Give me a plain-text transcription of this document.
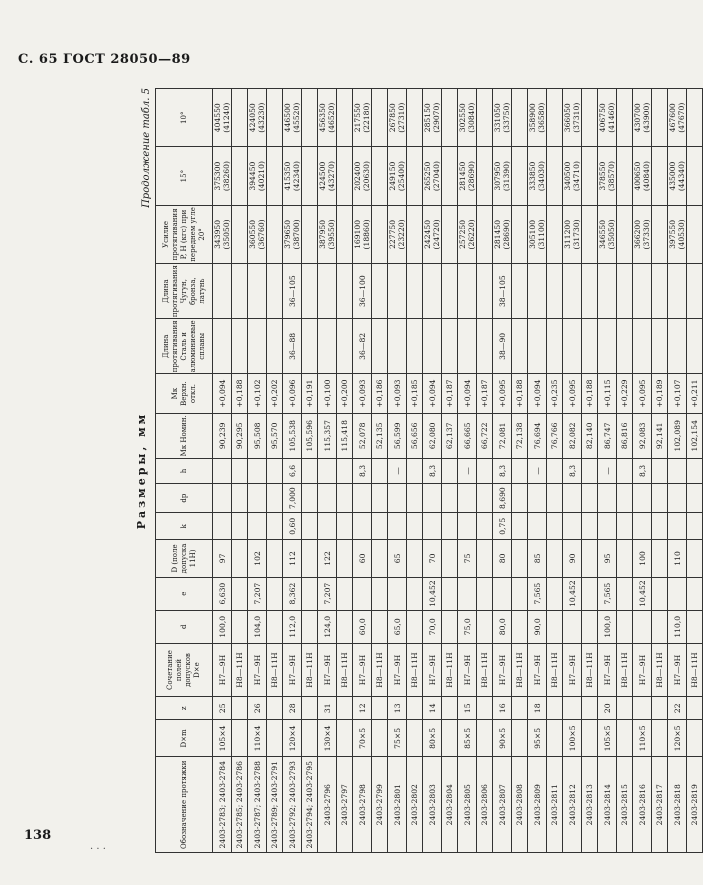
С. 65 ГОСТ 28050—89
138
· · ·
Продолжение табл. 5
Размеры, мм
Обозначение протяжки	D×m	z	Сочетание полей допусков D×e	d	e	D (поле допуска 11H)	k	dp	h	Mк Номин.	Mк Верхн. откл.	Длина протягивания Сталь и алюминиевые сплавы	Длина протягивания Чугун, бронза, латунь	Усилие протягивания P, Н (кгс) при переднем угле 20°	15°	10°
2403-2783; 2403-2784	105×4	25	H7—9H	100,0	6,630	97				90,239	+0,094			343950 (35050)	375300 (38260)	404550 (41240)
2403-2785; 2403-2786			H8—11H							90,295	+0,188					
2403-2787; 2403-2788	110×4	26	H7—9H	104,0	7,207	102				95,508	+0,102			360550 (36760)	394450 (40210)	424050 (43230)
2403-2789; 2403-2791			H8—11H							95,570	+0,202					
2403-2792; 2403-2793	120×4	28	H7—9H	112,0	8,362	112	0,60	7,000	6,6	105,538	+0,096	36—88	36—105	379650 (38700)	415350 (42340)	446500 (45520)
2403-2794; 2403-2795			H8—11H							105,596	+0,191					
2403-2796	130×4	31	H7—9H	124,0	7,207	122				115,357	+0,100			387950 (39550)	424500 (43270)	456350 (46520)
2403-2797			H8—11H							115,418	+0,200					
2403-2798	70×5	12	H7—9H	60,0		60			8,3	52,078	+0,093	36—82	36—100	169100 (18860)	202400 (20630)	217550 (22180)
2403-2799			H8—11H							52,135	+0,186					
2403-2801	75×5	13	H7—9H	65,0		65			—	56,599	+0,093			227750 (23220)	249150 (25400)	267850 (27310)
2403-2802			H8—11H							56,656	+0,185					
2403-2803	80×5	14	H7—9H	70,0	10,452	70			8,3	62,080	+0,094			242450 (24720)	265250 (27040)	285150 (29070)
2403-2804			H8—11H							62,137	+0,187					
2403-2805	85×5	15	H7—9H	75,0		75			—	66,665	+0,094			257250 (26220)	281450 (28690)	302550 (30840)
2403-2806			H8—11H							66,722	+0,187					
2403-2807	90×5	16	H7—9H	80,0		80	0,75	8,690	8,3	72,081	+0,095	38—90	38—105	281450 (28690)	307950 (31390)	331050 (33750)
2403-2808			H8—11H							72,138	+0,188					
2403-2809	95×5	18	H7—9H	90,0	7,565	85			—	76,694	+0,094			305100 (31100)	333850 (34030)	358900 (36580)
2403-2811			H8—11H							76,766	+0,235					
2403-2812	100×5		H7—9H		10,452	90			8,3	82,082	+0,095			311200 (31730)	340500 (34710)	366050 (37310)
2403-2813			H8—11H							82,140	+0,188					
2403-2814	105×5	20	H7—9H	100,0	7,565	95			—	86,747	+0,115			346550 (35050)	378550 (38570)	406750 (41460)
2403-2815			H8—11H							86,816	+0,229					
2403-2816	110×5		H7—9H		10,452	100			8,3	92,083	+0,095			366200 (37330)	400650 (40840)	430700 (43900)
2403-2817			H8—11H							92,141	+0,189					
2403-2818	120×5	22	H7—9H	110,0		110				102,089	+0,107			397550 (40530)	435000 (44340)	467600 (47670)
2403-2819			H8—11H							102,154	+0,211					
